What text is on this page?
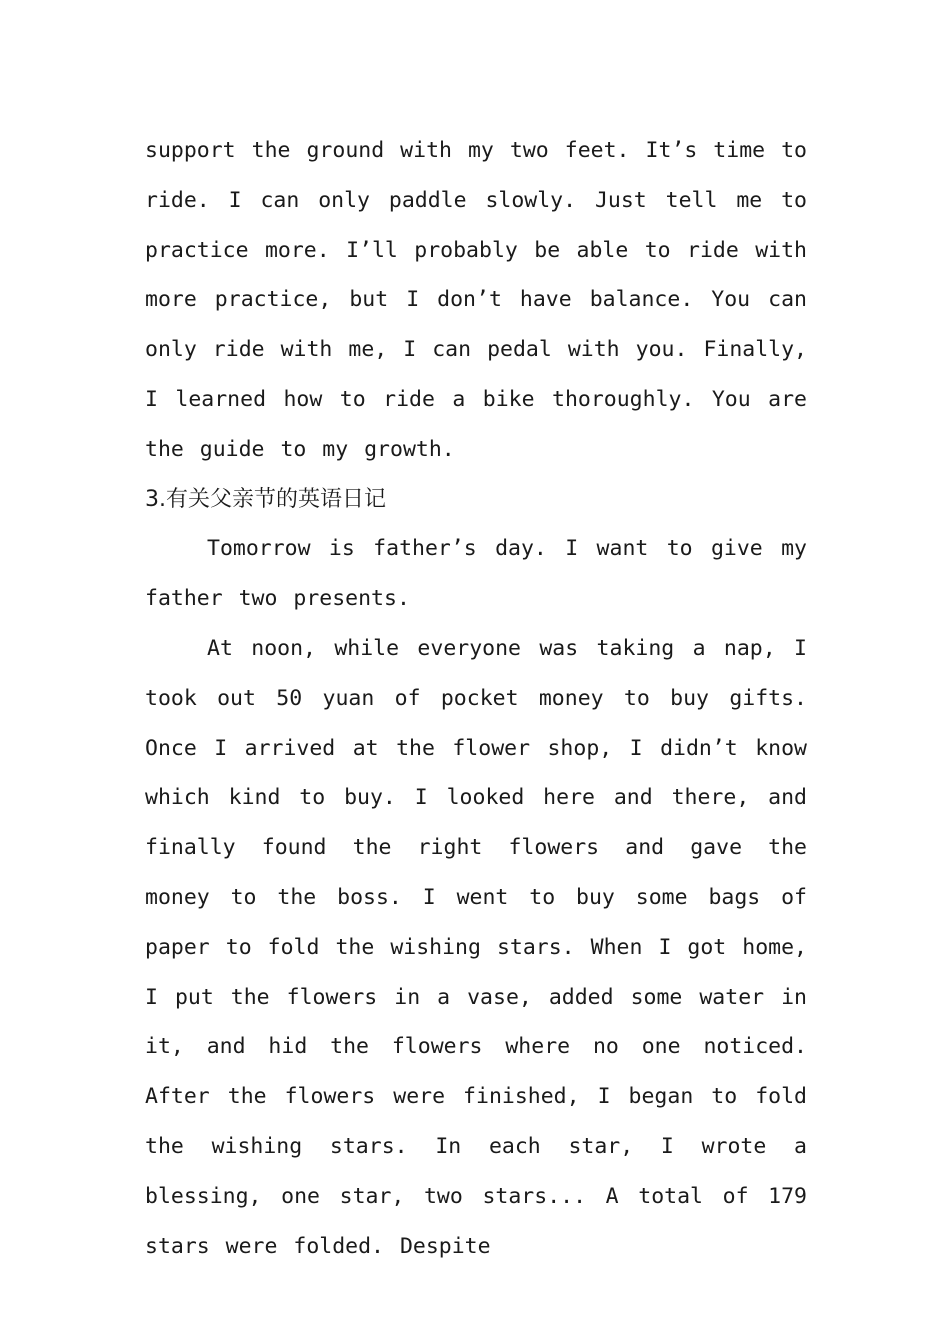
support the ground with my two feet. It’s time to ride. I can only paddle slowly. Just tell me to practice more. I’ll probably be able to ride with more practice, but I don’t have balance. You can only ride with me, I can pedal with you. Finally, I learned how to ride a bike thoroughly. You are the guide to my growth.

3.有关父亲节的英语日记

Tomorrow is father’s day. I want to give my father two presents.

At noon, while everyone was taking a nap, I took out 50 yuan of pocket money to buy gifts. Once I arrived at the flower shop, I didn’t know which kind to buy. I looked here and there, and finally found the right flowers and gave the money to the boss. I went to buy some bags of paper to fold the wishing stars. When I got home, I put the flowers in a vase, added some water in it, and hid the flowers where no one noticed. After the flowers were finished, I began to fold the wishing stars. In each star, I wrote a blessing, one star, two stars... A total of 179 stars were folded. Despite
